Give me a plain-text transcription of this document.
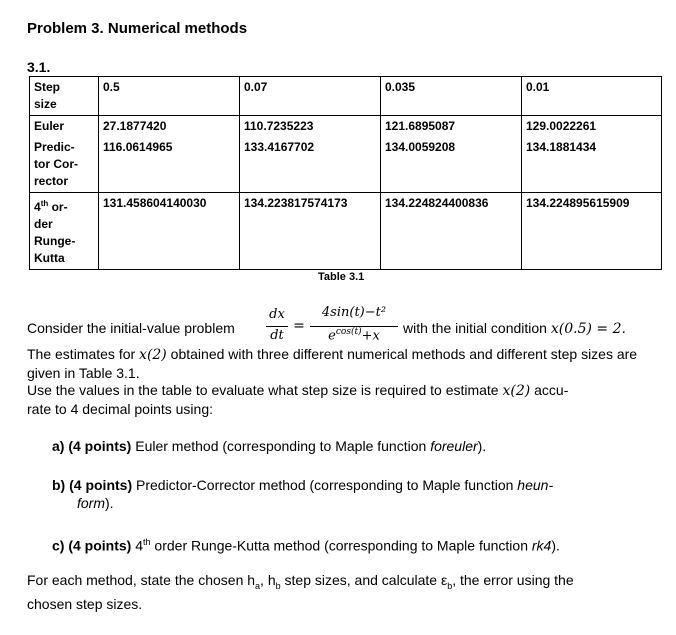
Problem 3. Numerical methods
3.1.
Step
size	0.5	0.07	0.035	0.01
Euler	27.1877420	110.7235223	121.6895087	129.0022261

Predic-
tor Cor-
rector	116.0614965	133.4167702	134.0059208	134.1881434

4th or-
der
Runge-
Kutta	131.458604140030	134.223817574173	134.224824400836	134.224895615909
Table 3.1
Consider the initial-value problem
dx
dt
=
4sin(t)−t²
$e^{cos(t)}+x$	with the initial condition x(0.5) = 2.
The estimates for x(2) obtained with three different numerical methods and different step sizes are given in Table 3.1.
Use the values in the table to evaluate what step size is required to estimate x(2) accu-
rate to 4 decimal points using:
a) (4 points) Euler method (corresponding to Maple function foreuler).
b) (4 points) Predictor-Corrector method (corresponding to Maple function heun-
form).
c) (4 points) 4th order Runge-Kutta method (corresponding to Maple function rk4).
For each method, state the chosen $h_a$, $h_b$ step sizes, and calculate $\varepsilon_b$, the error using the
chosen step sizes.
